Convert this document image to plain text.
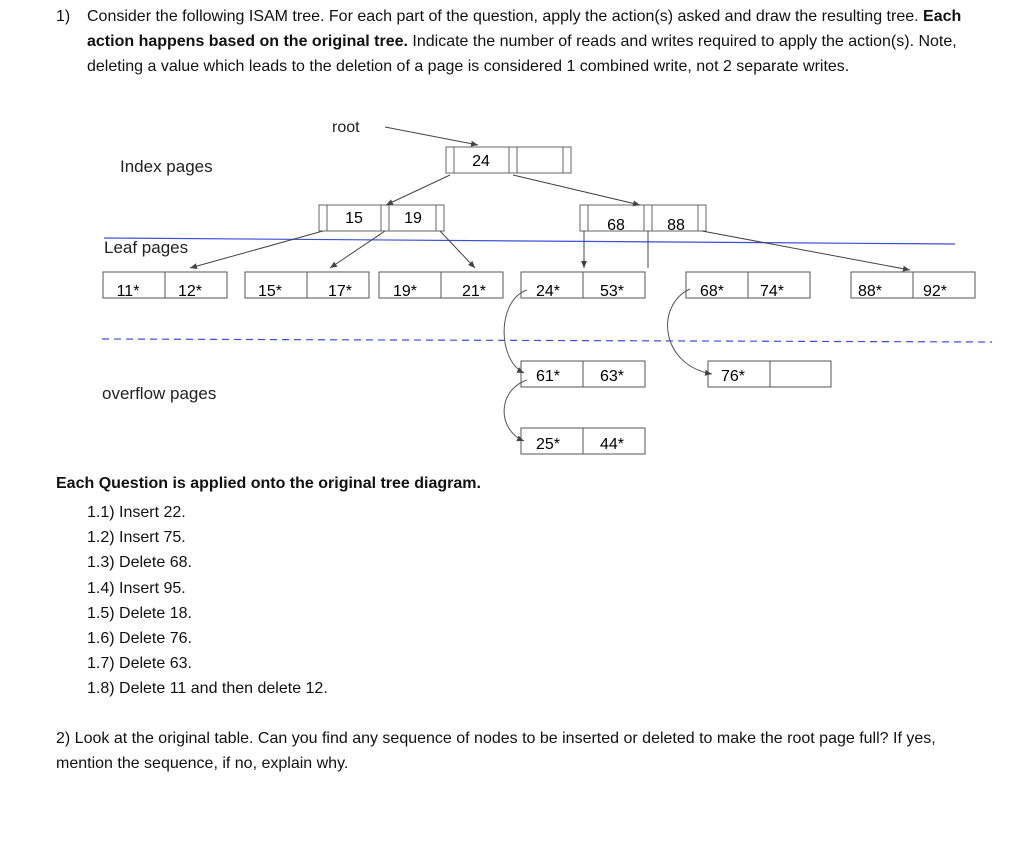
1) Consider the following ISAM tree. For each part of the question, apply the action(s) asked and draw the resulting tree. Each action happens based on the original tree. Indicate the number of reads and writes required to apply the action(s). Note, deleting a value which leads to the deletion of a page is considered 1 combined write, not 2 separate writes.
root
Index pages
Leaf pages
overflow pages
24
15	19	68	88
11* 12*	15*	17*	19*	21*	24* 53*	68* 74*	88*	92*
61* 63*
25* 44*
76*
Each Question is applied onto the original tree diagram.
1.1) Insert 22.
1.2) Insert 75.
1.3) Delete 68.
1.4) Insert 95.
1.5) Delete 18.
1.6) Delete 76.
1.7) Delete 63.
1.8) Delete 11 and then delete 12.
2) Look at the original table. Can you find any sequence of nodes to be inserted or deleted to make the root page full? If yes, mention the sequence, if no, explain why.
